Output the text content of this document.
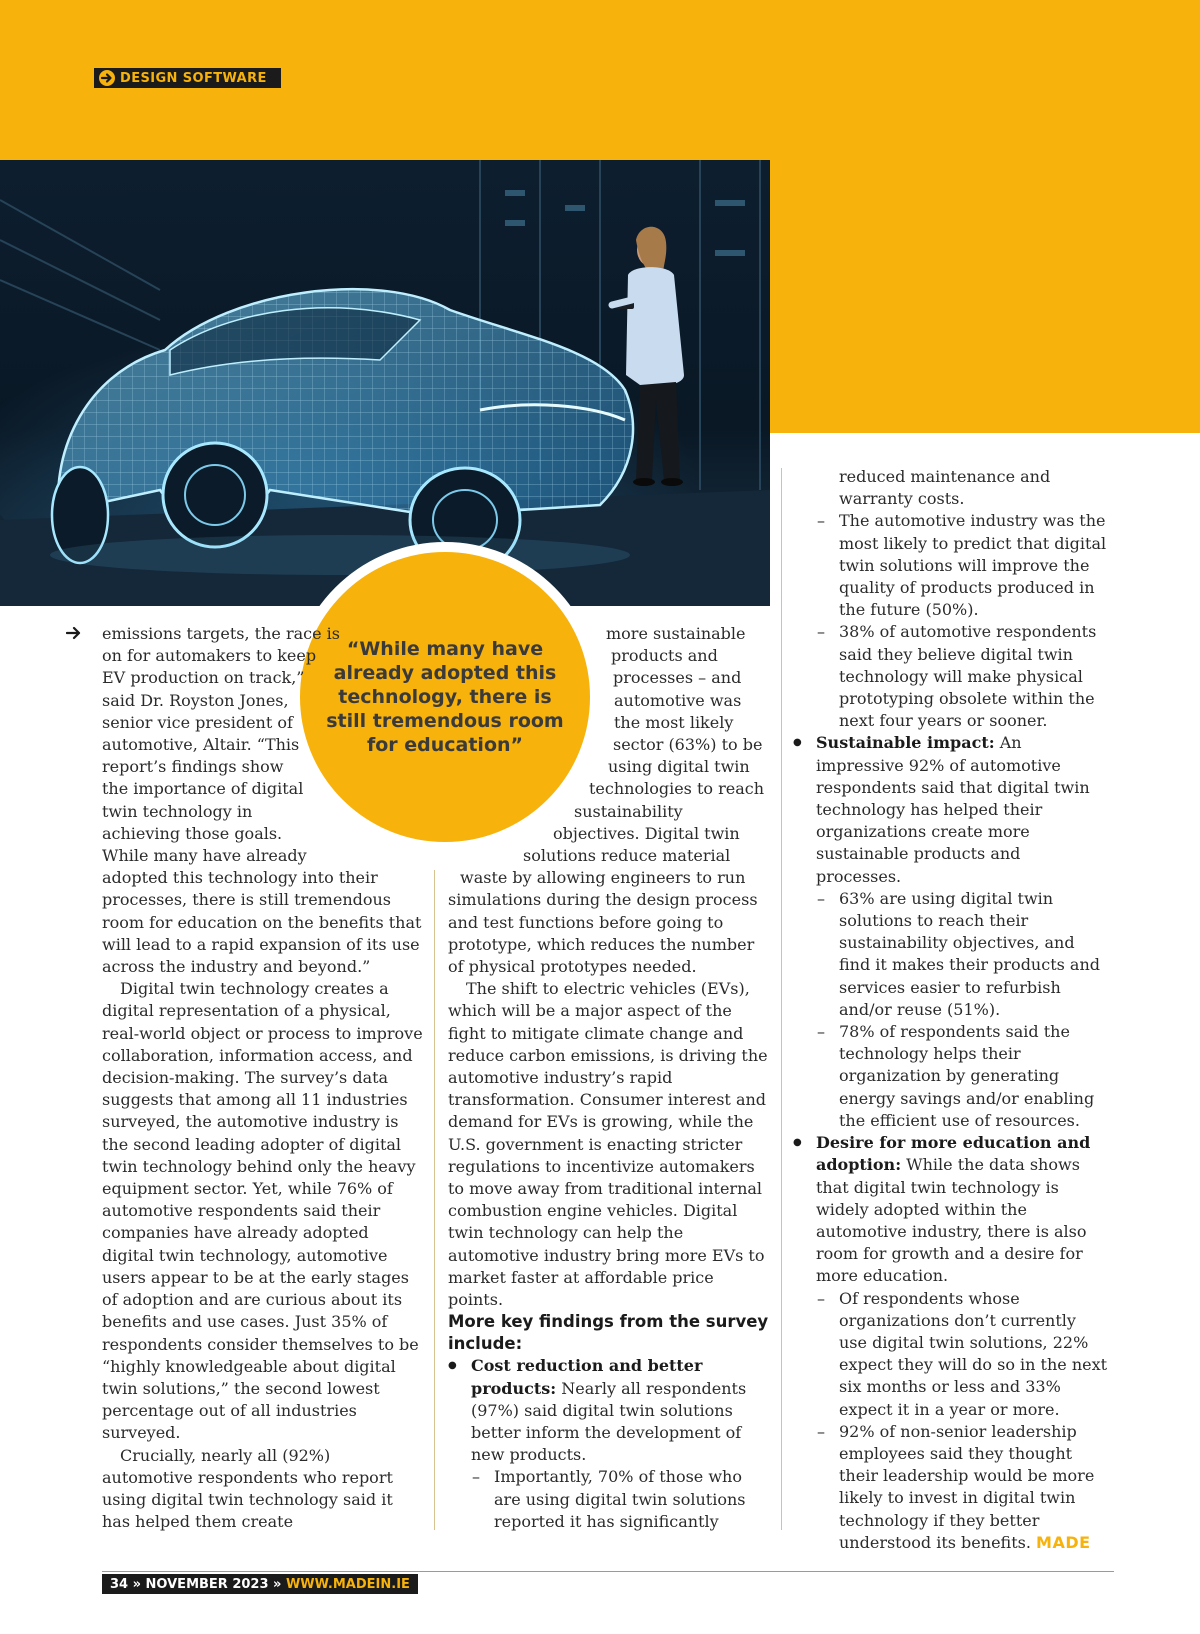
DESIGN SOFTWARE

“While many have already adopted this technology, there is still tremendous room for education”

emissions targets, the race is on for automakers to keep EV production on track,” said Dr. Royston Jones, senior vice president of automotive, Altair. “This report’s findings show the importance of digital twin technology in achieving those goals. While many have already adopted this technology into their processes, there is still tremendous room for education on the benefits that will lead to a rapid expansion of its use across the industry and beyond.”

Digital twin technology creates a digital representation of a physical, real-world object or process to improve collaboration, information access, and decision-making. The survey’s data suggests that among all 11 industries surveyed, the automotive industry is the second leading adopter of digital twin technology behind only the heavy equipment sector. Yet, while 76% of automotive respondents said their companies have already adopted digital twin technology, automotive users appear to be at the early stages of adoption and are curious about its benefits and use cases. Just 35% of respondents consider themselves to be “highly knowledgeable about digital twin solutions,” the second lowest percentage out of all industries surveyed.

Crucially, nearly all (92%) automotive respondents who report using digital twin technology said it has helped them create

more sustainable products and processes – and automotive was the most likely sector (63%) to be using digital twin technologies to reach sustainability objectives. Digital twin solutions reduce material waste by allowing engineers to run simulations during the design process and test functions before going to prototype, which reduces the number of physical prototypes needed.

The shift to electric vehicles (EVs), which will be a major aspect of the fight to mitigate climate change and reduce carbon emissions, is driving the automotive industry’s rapid transformation. Consumer interest and demand for EVs is growing, while the U.S. government is enacting stricter regulations to incentivize automakers to move away from traditional internal combustion engine vehicles. Digital twin technology can help the automotive industry bring more EVs to market faster at affordable price points.

More key findings from the survey include:

● Cost reduction and better products: Nearly all respondents (97%) said digital twin solutions better inform the development of new products.
– Importantly, 70% of those who are using digital twin solutions reported it has significantly
reduced maintenance and warranty costs.
– The automotive industry was the most likely to predict that digital twin solutions will improve the quality of products produced in the future (50%).
– 38% of automotive respondents said they believe digital twin technology will make physical prototyping obsolete within the next four years or sooner.
● Sustainable impact: An impressive 92% of automotive respondents said that digital twin technology has helped their organizations create more sustainable products and processes.
– 63% are using digital twin solutions to reach their sustainability objectives, and find it makes their products and services easier to refurbish and/or reuse (51%).
– 78% of respondents said the technology helps their organization by generating energy savings and/or enabling the efficient use of resources.
● Desire for more education and adoption: While the data shows that digital twin technology is widely adopted within the automotive industry, there is also room for growth and a desire for more education.
– Of respondents whose organizations don’t currently use digital twin solutions, 22% expect they will do so in the next six months or less and 33% expect it in a year or more.
– 92% of non-senior leadership employees said they thought their leadership would be more likely to invest in digital twin technology if they better understood its benefits. MADE
34 » NOVEMBER 2023 » WWW.MADEIN.IE
